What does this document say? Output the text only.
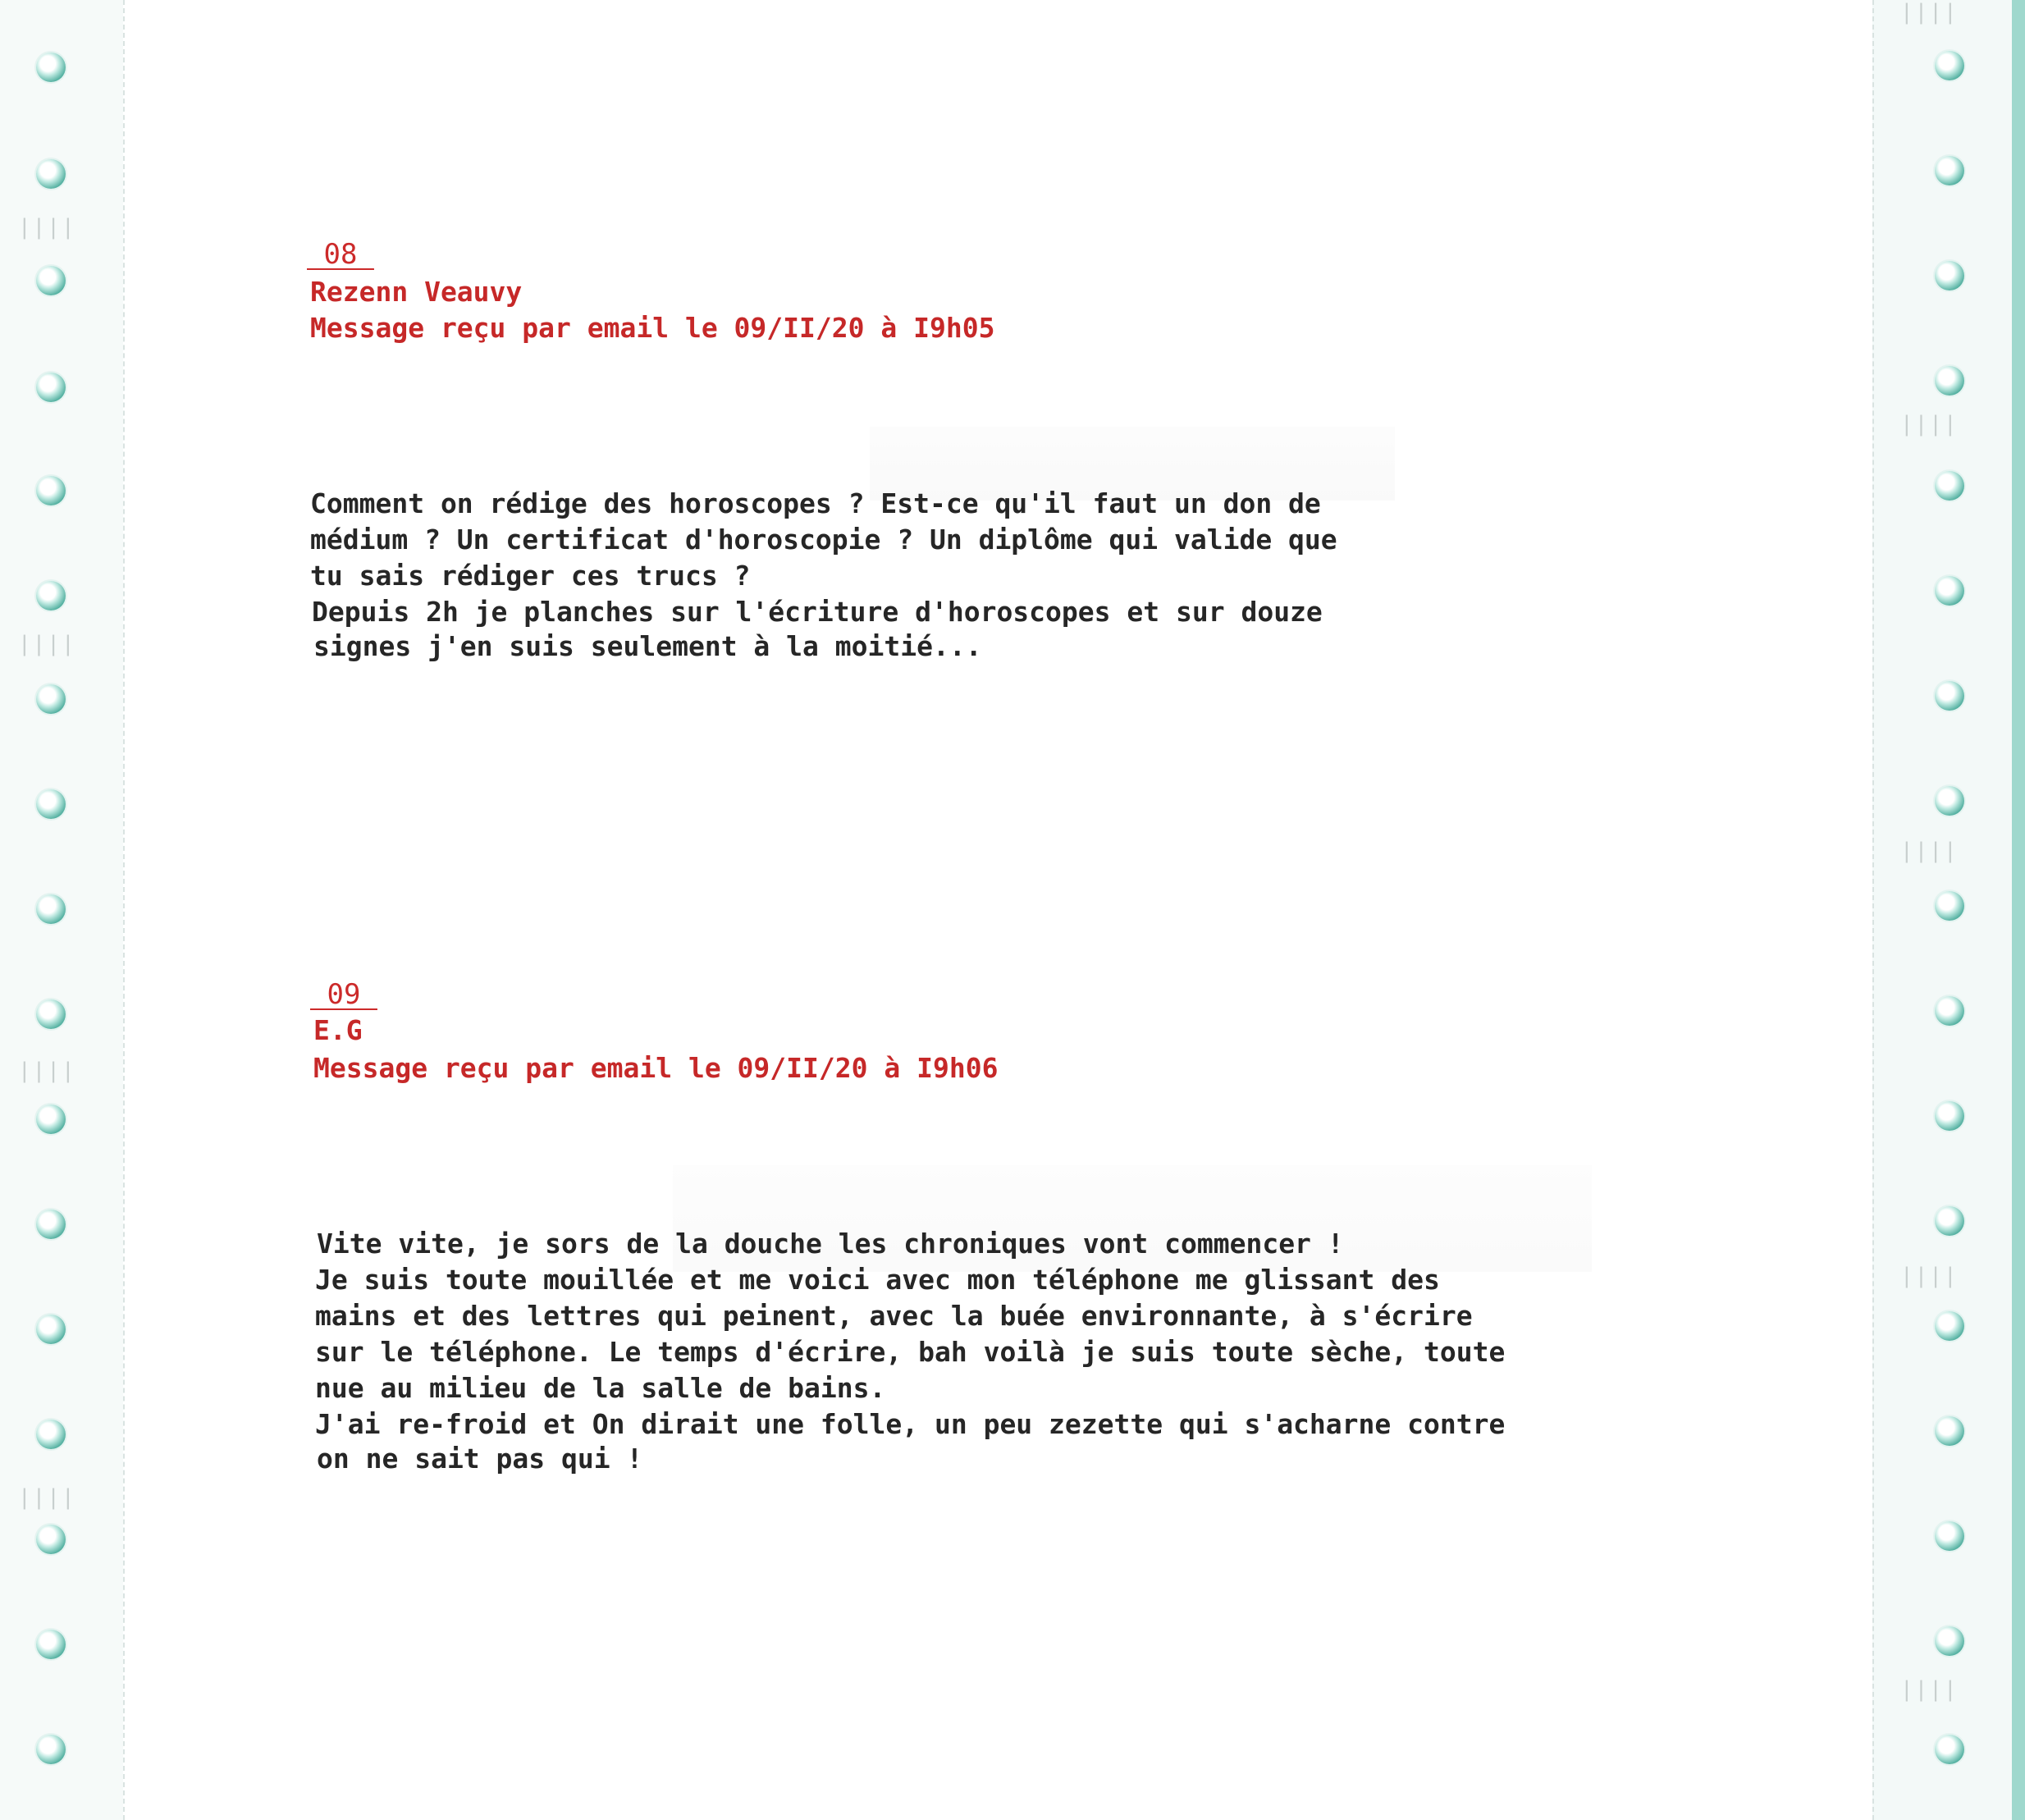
||||
||||
||||
||||
||||
||||
||||
||||
||||
_08_
Rezenn Veauvy
Message reçu par email le 09/II/20 à I9h05
Comment on rédige des horoscopes ? Est-ce qu'il faut un don de
médium ? Un certificat d'horoscopie ? Un diplôme qui valide que
tu sais rédiger ces trucs ?
Depuis 2h je planches sur l'écriture d'horoscopes et sur douze
signes j'en suis seulement à la moitié...
_09_
E.G
Message reçu par email le 09/II/20 à I9h06
Vite vite, je sors de la douche les chroniques vont commencer !
Je suis toute mouillée et me voici avec mon téléphone me glissant des
mains et des lettres qui peinent, avec la buée environnante, à s'écrire
sur le téléphone. Le temps d'écrire, bah voilà je suis toute sèche, toute
nue au milieu de la salle de bains.
J'ai re-froid et On dirait une folle, un peu zezette qui s'acharne contre
on ne sait pas qui !
